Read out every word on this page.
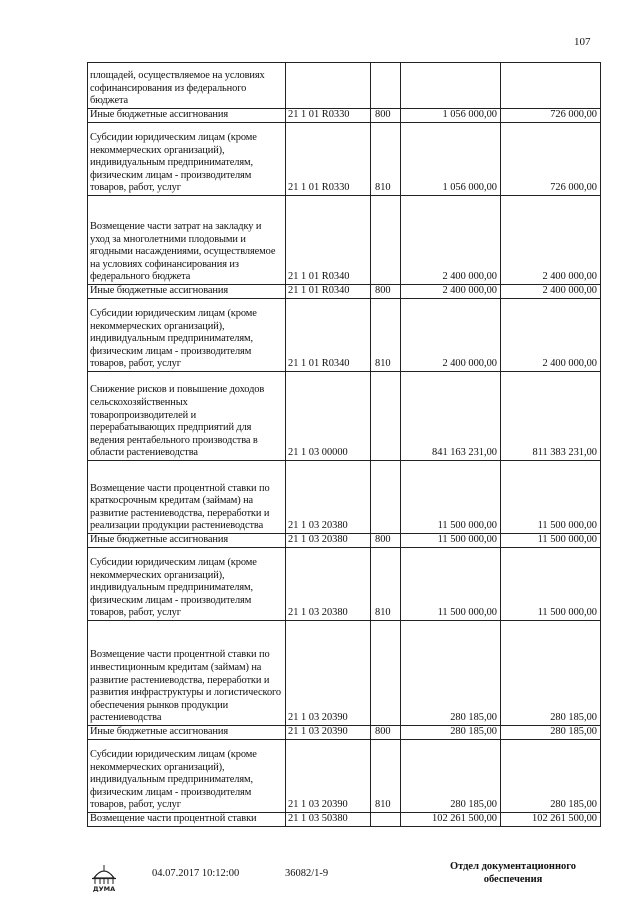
107
площадей, осуществляемое на условиях софинансирования из федерального бюджета				
Иные бюджетные ассигнования	21 1 01 R0330	800	1 056 000,00	726 000,00
Субсидии юридическим лицам (кроме некоммерческих организаций), индивидуальным предпринимателям, физическим лицам - производителям товаров, работ, услуг	21 1 01 R0330	810	1 056 000,00	726 000,00
Возмещение части затрат на закладку и уход за многолетними плодовыми и ягодными насаждениями, осуществляемое на условиях софинансирования из федерального бюджета	21 1 01 R0340		2 400 000,00	2 400 000,00
Иные бюджетные ассигнования	21 1 01 R0340	800	2 400 000,00	2 400 000,00
Субсидии юридическим лицам (кроме некоммерческих организаций), индивидуальным предпринимателям, физическим лицам - производителям товаров, работ, услуг	21 1 01 R0340	810	2 400 000,00	2 400 000,00
Снижение рисков и повышение доходов сельскохозяйственных товаропроизводителей и перерабатывающих предприятий для ведения рентабельного производства в области растениеводства	21 1 03 00000		841 163 231,00	811 383 231,00
Возмещение части процентной ставки по краткосрочным кредитам (займам) на развитие растениеводства, переработки и реализации продукции растениеводства	21 1 03 20380		11 500 000,00	11 500 000,00
Иные бюджетные ассигнования	21 1 03 20380	800	11 500 000,00	11 500 000,00
Субсидии юридическим лицам (кроме некоммерческих организаций), индивидуальным предпринимателям, физическим лицам - производителям товаров, работ, услуг	21 1 03 20380	810	11 500 000,00	11 500 000,00
Возмещение части процентной ставки по инвестиционным кредитам (займам) на развитие растениеводства, переработки и развития инфраструктуры и логистического обеспечения рынков продукции растениеводства	21 1 03 20390		280 185,00	280 185,00
Иные бюджетные ассигнования	21 1 03 20390	800	280 185,00	280 185,00
Субсидии юридическим лицам (кроме некоммерческих организаций), индивидуальным предпринимателям, физическим лицам - производителям товаров, работ, услуг	21 1 03 20390	810	280 185,00	280 185,00
Возмещение части процентной ставки	21 1 03 50380		102 261 500,00	102 261 500,00
ДУМА
04.07.2017 10:12:00	36082/1-9
Отдел документационного
обеспечения
